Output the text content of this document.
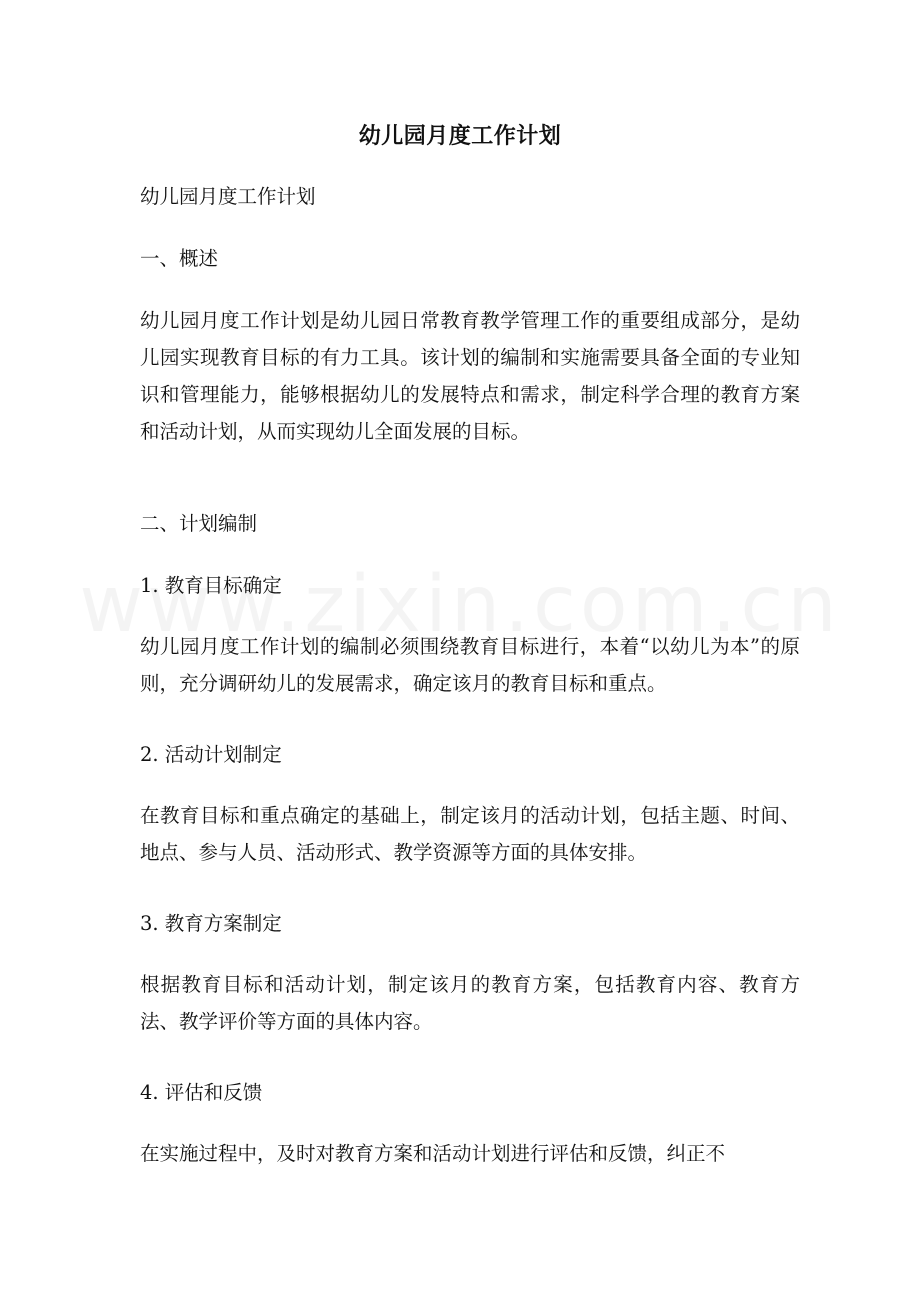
幼儿园月度工作计划

幼儿园月度工作计划

一、概述

幼儿园月度工作计划是幼儿园日常教育教学管理工作的重要组成部分，是幼儿园实现教育目标的有力工具。该计划的编制和实施需要具备全面的专业知识和管理能力，能够根据幼儿的发展特点和需求，制定科学合理的教育方案和活动计划，从而实现幼儿全面发展的目标。

二、计划编制

1. 教育目标确定

幼儿园月度工作计划的编制必须围绕教育目标进行，本着“以幼儿为本”的原则，充分调研幼儿的发展需求，确定该月的教育目标和重点。

2. 活动计划制定

在教育目标和重点确定的基础上，制定该月的活动计划，包括主题、时间、地点、参与人员、活动形式、教学资源等方面的具体安排。

3. 教育方案制定

根据教育目标和活动计划，制定该月的教育方案，包括教育内容、教育方法、教学评价等方面的具体内容。

4. 评估和反馈

在实施过程中，及时对教育方案和活动计划进行评估和反馈，纠正不
